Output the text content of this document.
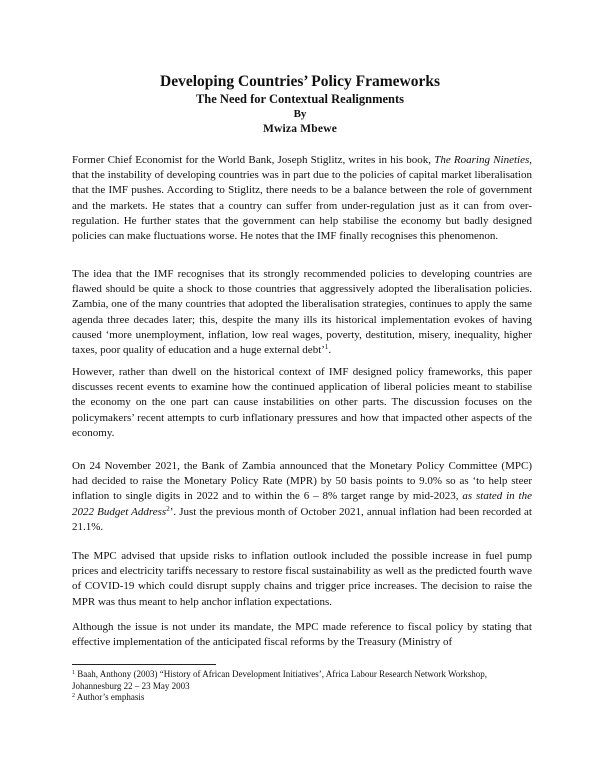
Developing Countries’ Policy Frameworks
The Need for Contextual Realignments
By
Mwiza Mbewe

Former Chief Economist for the World Bank, Joseph Stiglitz, writes in his book, The Roaring Nineties, that the instability of developing countries was in part due to the policies of capital market liberalisation that the IMF pushes. According to Stiglitz, there needs to be a balance between the role of government and the markets. He states that a country can suffer from under-regulation just as it can from over-regulation. He further states that the government can help stabilise the economy but badly designed policies can make fluctuations worse. He notes that the IMF finally recognises this phenomenon.

The idea that the IMF recognises that its strongly recommended policies to developing countries are flawed should be quite a shock to those countries that aggressively adopted the liberalisation policies. Zambia, one of the many countries that adopted the liberalisation strategies, continues to apply the same agenda three decades later; this, despite the many ills its historical implementation evokes of having caused ‘more unemployment, inflation, low real wages, poverty, destitution, misery, inequality, higher taxes, poor quality of education and a huge external debt’$^1$.

However, rather than dwell on the historical context of IMF designed policy frameworks, this paper discusses recent events to examine how the continued application of liberal policies meant to stabilise the economy on the one part can cause instabilities on other parts. The discussion focuses on the policymakers’ recent attempts to curb inflationary pressures and how that impacted other aspects of the economy.

On 24 November 2021, the Bank of Zambia announced that the Monetary Policy Committee (MPC) had decided to raise the Monetary Policy Rate (MPR) by 50 basis points to 9.0% so as ‘to help steer inflation to single digits in 2022 and to within the 6 – 8% target range by mid-2023, as stated in the 2022 Budget Address$^2$’. Just the previous month of October 2021, annual inflation had been recorded at 21.1%.

The MPC advised that upside risks to inflation outlook included the possible increase in fuel pump prices and electricity tariffs necessary to restore fiscal sustainability as well as the predicted fourth wave of COVID-19 which could disrupt supply chains and trigger price increases. The decision to raise the MPR was thus meant to help anchor inflation expectations.

Although the issue is not under its mandate, the MPC made reference to fiscal policy by stating that effective implementation of the anticipated fiscal reforms by the Treasury (Ministry of

$^1$ Baah, Anthony (2003) “History of African Development Initiatives’, Africa Labour Research Network Workshop, Johannesburg 22 – 23 May 2003

$^2$ Author’s emphasis
